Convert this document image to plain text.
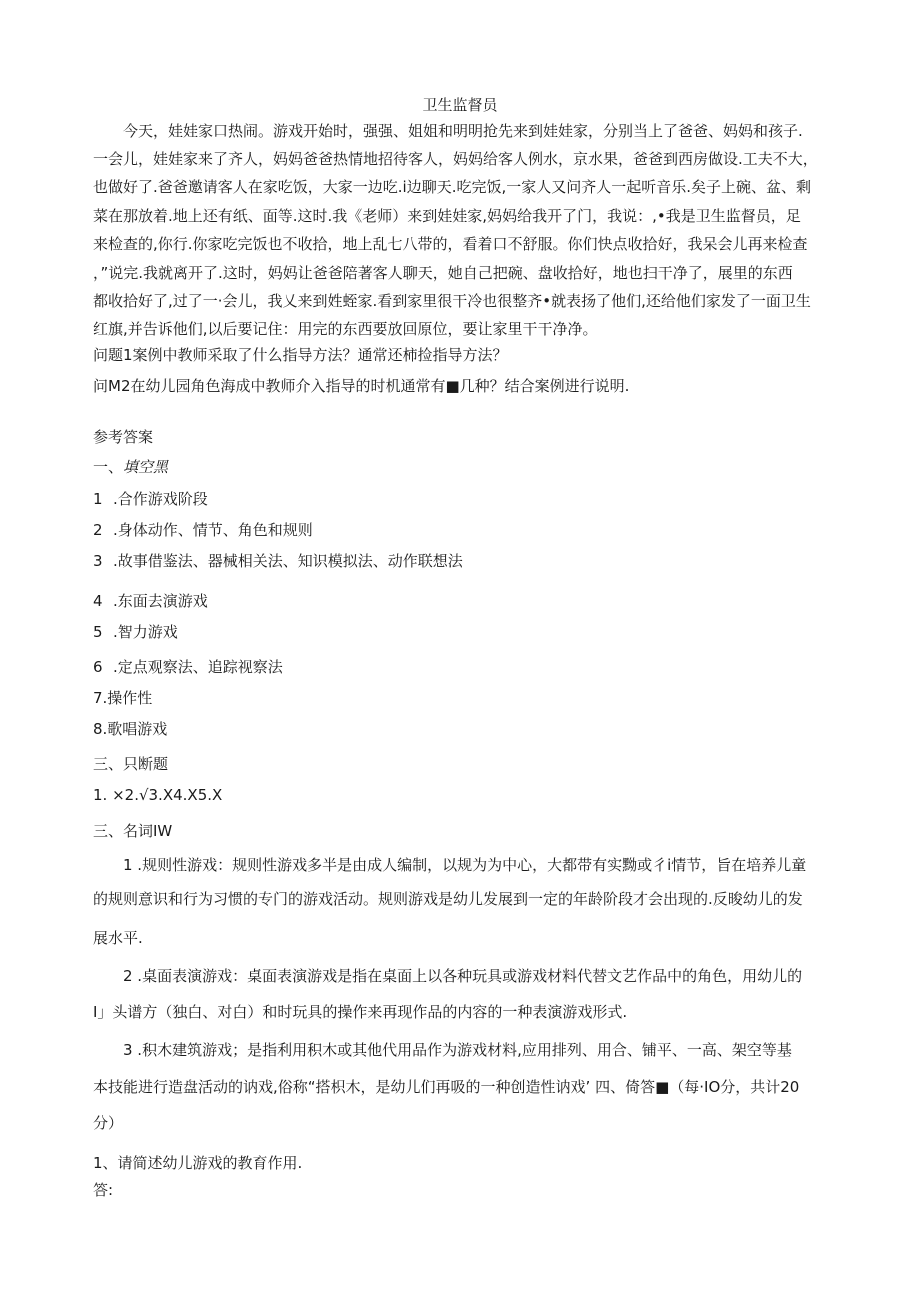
卫生监督员
今天，娃娃家口热闹。游戏开始时，强强、姐姐和明明抢先来到娃娃家，分别当上了爸爸、妈妈和孩子.
一会儿，娃娃家来了齐人，妈妈爸爸热情地招待客人，妈妈给客人例水，京水果，爸爸到西房做设.工夫不大，
也做好了.爸爸邀请客人在家吃饭，大家一边吃.i边聊天.吃完饭,一家人又问齐人一起听音乐.矣子上碗、盆、剩
菜在那放着.地上还有纸、面等.这时.我《老师）来到娃娃家,妈妈给我开了门，我说：,•我是卫生监督员，足
来检查的,你行.你家吃完饭也不收拾，地上乱七八带的，看着口不舒服。你们快点收拾好，我呆会儿再来检查
，”说完.我就离开了.这时，妈妈让爸爸陪著客人聊天，她自己把碗、盘收拾好，地也扫干净了，展里的东西
都收拾好了,过了一·会儿，我乂来到姓蛭家.看到家里很干冷也很整齐•就表扬了他们,还给他们家发了一面卫生
红旗,并告诉他们,以后要记住：用完的东西要放回原位，要让家里干干净净。
问题1案例中教师采取了什么指导方法？通常还柿捡指导方法？
问M2在幼儿园角色海成中教师介入指导的时机通常有■几种？结合案例进行说明.
参考答案
一、填空黑
1 .合作游戏阶段
2 .身体动作、情节、角色和规则
3 .故事借鉴法、器械相关法、知识模拟法、动作联想法
4 .东面去演游戏
5 .智力游戏
6 .定点观察法、追踪视察法
7.操作性
8.歌唱游戏
三、只断题
1. ×2.√3.X4.X5.X
三、名词IW
1 .规则性游戏：规则性游戏多半是由成人编制，以规为为中心，大都带有实黝或彳i情节，旨在培养儿童
的规则意识和行为习惯的专门的游戏活动。规则游戏是幼儿发展到一定的年龄阶段才会出现的.反晙幼儿的发
展水平.
2 .桌面表演游戏：桌面表演游戏是指在桌面上以各种玩具或游戏材料代替文艺作品中的角色，用幼儿的
I」头谱方（独白、对白）和时玩具的操作来再现作品的内容的一种表演游戏形式.
3 .积木建筑游戏；是指利用积木或其他代用品作为游戏材料,应用排列、用合、铺平、一高、架空等基
本技能进行造盘活动的讷戏,俗称“搭枳木，是幼儿们再吸的一种创造性讷戏’ 四、倚答■（每·IO分，共计20
分）
1、请简述幼儿游戏的教育作用.
答:
